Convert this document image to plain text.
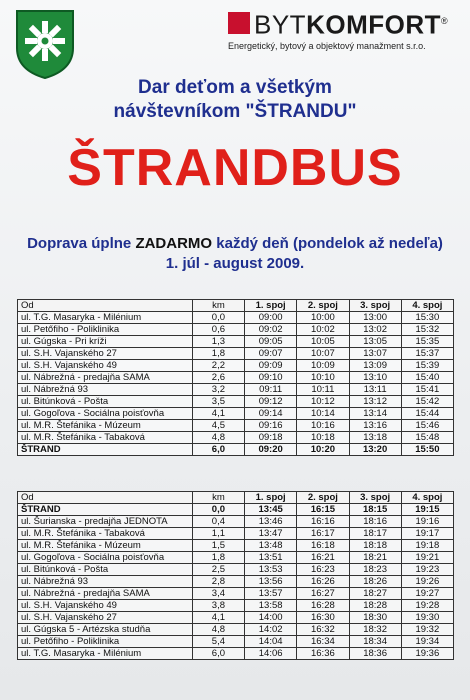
BYTKOMFORT®
Energetický, bytový a objektový manažment s.r.o.
Dar deťom a všetkým
návštevníkom "ŠTRANDU"
ŠTRANDBUS
Doprava úplne ZADARMO každý deň (pondelok až nedeľa)
1. júl - august 2009.
Od	km	1. spoj	2. spoj	3. spoj	4. spoj
ul. T.G. Masaryka - Milénium	0,0	09:00	10:00	13:00	15:30
ul. Petőfiho - Poliklinika	0,6	09:02	10:02	13:02	15:32
ul. Gúgska - Pri kríži	1,3	09:05	10:05	13:05	15:35
ul. S.H. Vajanského 27	1,8	09:07	10:07	13:07	15:37
ul. S.H. Vajanského 49	2,2	09:09	10:09	13:09	15:39
ul. Nábrežná - predajňa SAMA	2,6	09:10	10:10	13:10	15:40
ul. Nábrežná 93	3,2	09:11	10:11	13:11	15:41
ul. Bitúnková - Pošta	3,5	09:12	10:12	13:12	15:42
ul. Gogoľova - Sociálna poisťovňa	4,1	09:14	10:14	13:14	15:44
ul. M.R. Štefánika - Múzeum	4,5	09:16	10:16	13:16	15:46
ul. M.R. Štefánika - Tabaková	4,8	09:18	10:18	13:18	15:48
ŠTRAND	6,0	09:20	10:20	13:20	15:50
Od	km	1. spoj	2. spoj	3. spoj	4. spoj
ŠTRAND	0,0	13:45	16:15	18:15	19:15
ul. Šurianska - predajňa JEDNOTA	0,4	13:46	16:16	18:16	19:16
ul. M.R. Štefánika - Tabaková	1,1	13:47	16:17	18:17	19:17
ul. M.R. Štefánika - Múzeum	1,5	13:48	16:18	18:18	19:18
ul. Gogoľova - Sociálna poisťovňa	1,8	13:51	16:21	18:21	19:21
ul. Bitúnková - Pošta	2,5	13:53	16:23	18:23	19:23
ul. Nábrežná 93	2,8	13:56	16:26	18:26	19:26
ul. Nábrežná - predajňa SAMA	3,4	13:57	16:27	18:27	19:27
ul. S.H. Vajanského 49	3,8	13:58	16:28	18:28	19:28
ul. S.H. Vajanského 27	4,1	14:00	16:30	18:30	19:30
ul. Gúgska 5 - Artézska studňa	4,8	14:02	16:32	18:32	19:32
ul. Petőfiho - Poliklinika	5,4	14:04	16:34	18:34	19:34
ul. T.G. Masaryka - Milénium	6,0	14:06	16:36	18:36	19:36
